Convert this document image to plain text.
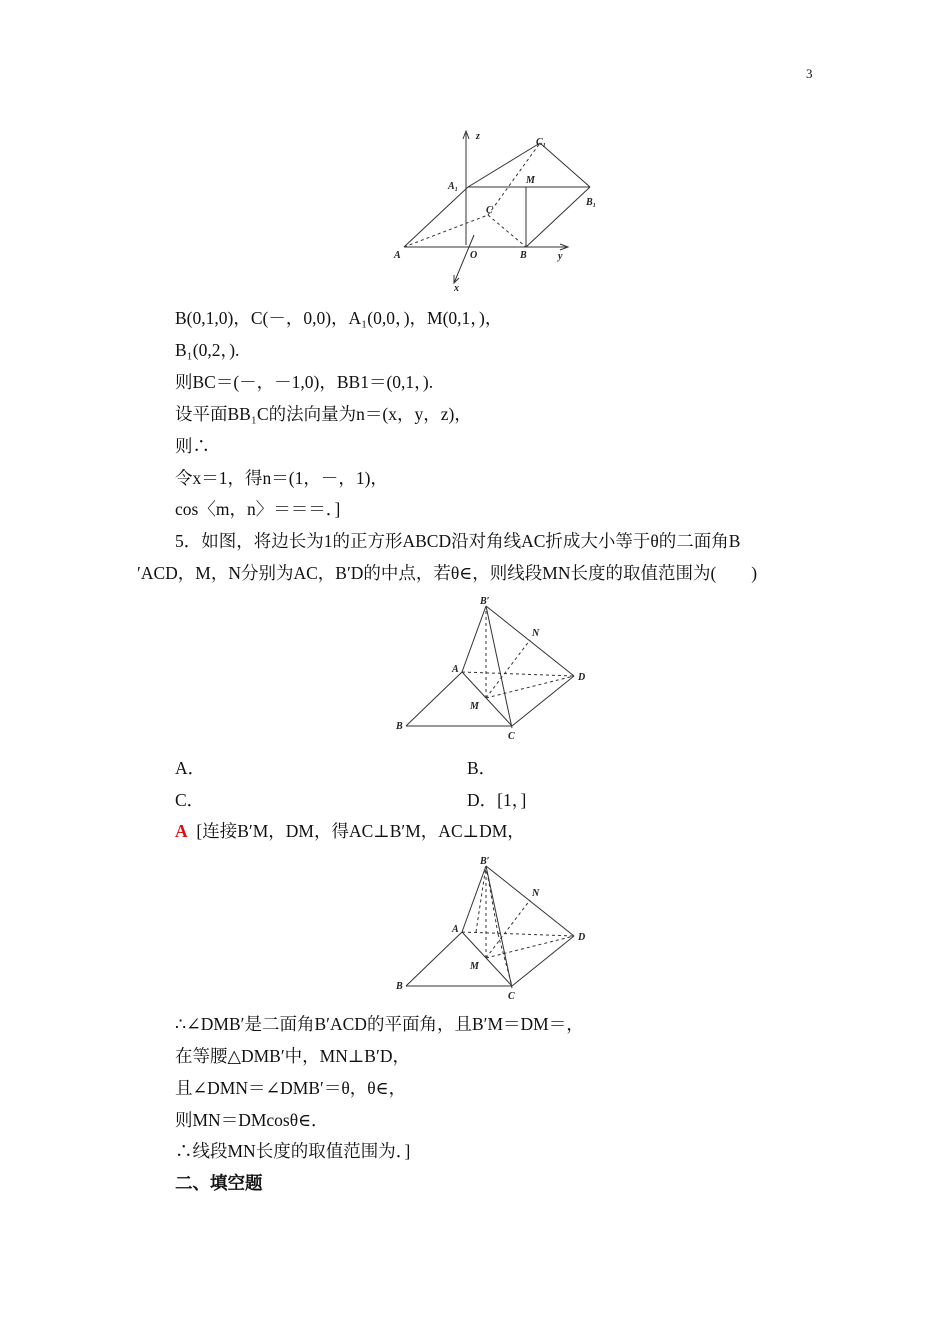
3
z
C₁
A₁
M
B₁
C
A	O	B	y
x
B(0,1,0)，C(－，0,0)，A₁(0,0，)，M(0,1，)，
B₁(0,2，).
则BC＝(－，－1,0)，BB1＝(0,1，).
设平面BB₁C的法向量为n＝(x，y，z)，
则∴
令x＝1，得n＝(1，－，1)，
cos〈m，n〉＝＝＝．]
5．如图，将边长为1的正方形ABCD沿对角线AC折成大小等于θ的二面角B
′ACD，M，N分别为AC，B′D的中点，若θ∈，则线段MN长度的取值范围为(　　)
B′
N
A
D
M
B
C
A．	B．
C．	D．[1，]
A [连接B′M，DM，得AC⊥B′M，AC⊥DM，
B′
N
A
D
M
B
C
∴∠DMB′是二面角B′ACD的平面角，且B′M＝DM＝，
在等腰△DMB′中，MN⊥B′D，
且∠DMN＝∠DMB′＝θ，θ∈，
则MN＝DMcosθ∈．
∴线段MN长度的取值范围为．]
二、填空题
